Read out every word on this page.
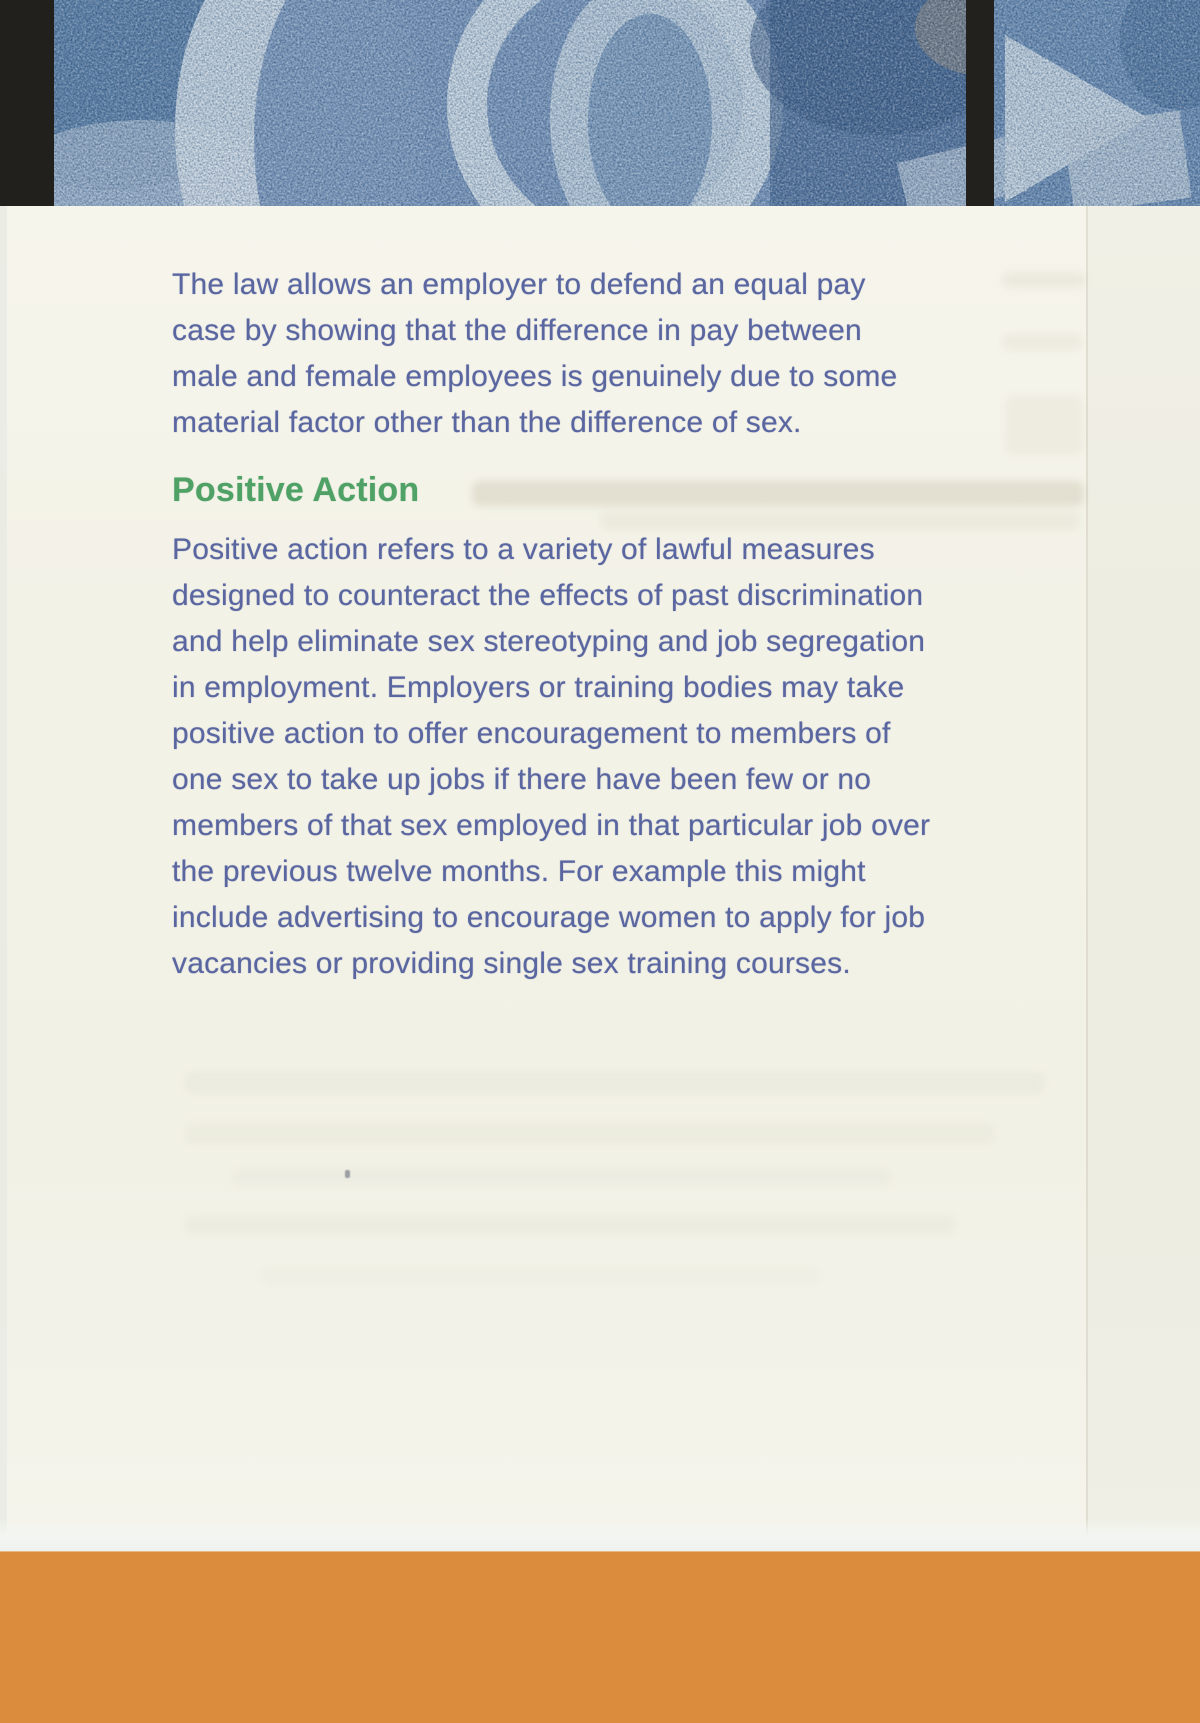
The law allows an employer to defend an equal pay
case by showing that the difference in pay between
male and female employees is genuinely due to some
material factor other than the difference of sex.
Positive Action
Positive action refers to a variety of lawful measures
designed to counteract the effects of past discrimination
and help eliminate sex stereotyping and job segregation
in employment. Employers or training bodies may take
positive action to offer encouragement to members of
one sex to take up jobs if there have been few or no
members of that sex employed in that particular job over
the previous twelve months. For example this might
include advertising to encourage women to apply for job
vacancies or providing single sex training courses.
